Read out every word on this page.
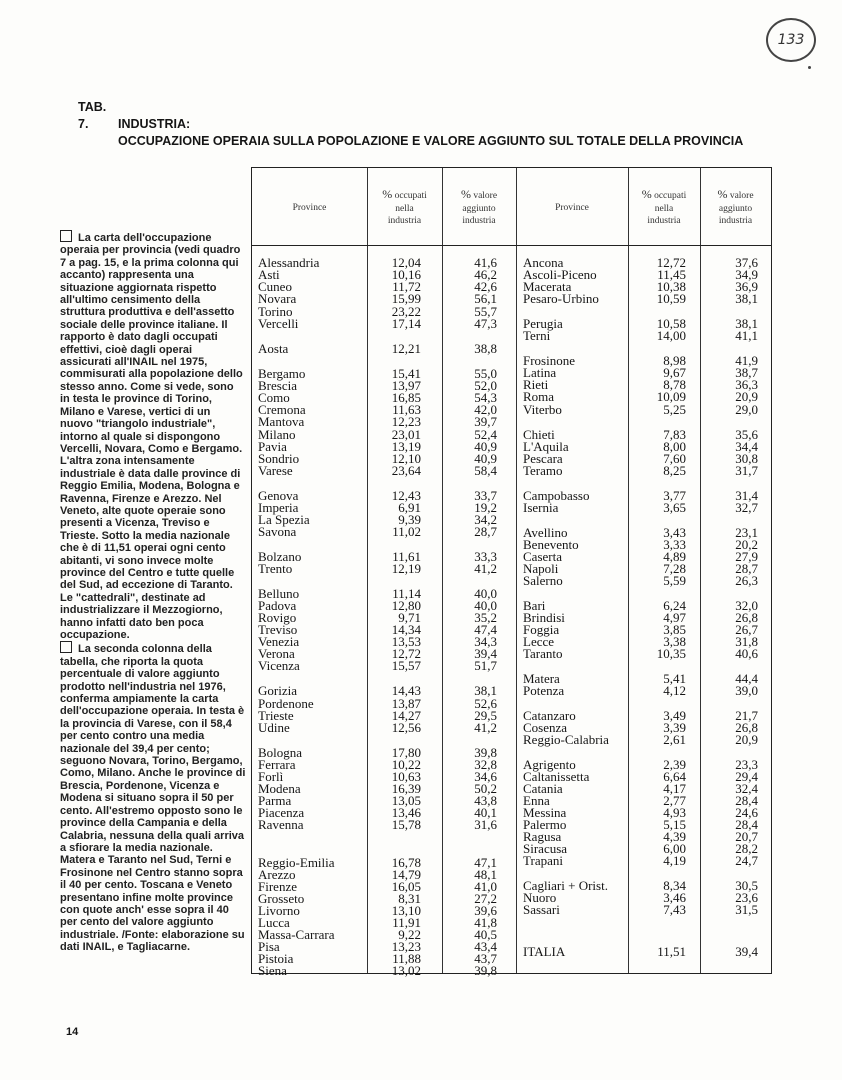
133
TAB. 7. INDUSTRIA:
OCCUPAZIONE OPERAIA SULLA POPOLAZIONE E VALORE AGGIUNTO SUL TOTALE DELLA PROVINCIA

La carta dell'occupazione operaia per provincia (vedi quadro 7 a pag. 15, e la prima colonna qui accanto) rappresenta una situazione aggiornata rispetto all'ultimo censimento della struttura produttiva e dell'assetto sociale delle province italiane. Il rapporto è dato dagli occupati effettivi, cioè dagli operai assicurati all'INAIL nel 1975, commisurati alla popolazione dello stesso anno. Come si vede, sono in testa le province di Torino, Milano e Varese, vertici di un nuovo "triangolo industriale", intorno al quale si dispongono Vercelli, Novara, Como e Bergamo. L'altra zona intensamente industriale è data dalle province di Reggio Emilia, Modena, Bologna e Ravenna, Firenze e Arezzo. Nel Veneto, alte quote operaie sono presenti a Vicenza, Treviso e Trieste. Sotto la media nazionale che è di 11,51 operai ogni cento abitanti, vi sono invece molte province del Centro e tutte quelle del Sud, ad eccezione di Taranto. Le "cattedrali", destinate ad industrializzare il Mezzogiorno, hanno infatti dato ben poca occupazione.

La seconda colonna della tabella, che riporta la quota percentuale di valore aggiunto prodotto nell'industria nel 1976, conferma ampiamente la carta dell'occupazione operaia. In testa è la provincia di Varese, con il 58,4 per cento contro una media nazionale del 39,4 per cento; seguono Novara, Torino, Bergamo, Como, Milano. Anche le province di Brescia, Pordenone, Vicenza e Modena si situano sopra il 50 per cento. All'estremo opposto sono le province della Campania e della Calabria, nessuna della quali arriva a sfiorare la media nazionale. Matera e Taranto nel Sud, Terni e Frosinone nel Centro stanno sopra il 40 per cento. Toscana e Veneto presentano infine molte province con quote anch' esse sopra il 40 per cento del valore aggiunto industriale. /Fonte: elaborazione su dati INAIL, e Tagliacarne.

Province
% occupati
nella
industria
% valore
aggiunto
industria
Province
% occupati
nella
industria
% valore
aggiunto
industria
Alessandria	12,04	41,6
Asti	10,16	46,2
Cuneo	11,72	42,6
Novara	15,99	56,1
Torino	23,22	55,7
Vercelli	17,14	47,3
Aosta	12,21	38,8
Bergamo	15,41	55,0
Brescia	13,97	52,0
Como	16,85	54,3
Cremona	11,63	42,0
Mantova	12,23	39,7
Milano	23,01	52,4
Pavia	13,19	40,9
Sondrio	12,10	40,9
Varese	23,64	58,4
Genova	12,43	33,7
Imperia	6,91	19,2
La Spezia	9,39	34,2
Savona	11,02	28,7
Bolzano	11,61	33,3
Trento	12,19	41,2
Belluno	11,14	40,0
Padova	12,80	40,0
Rovigo	9,71	35,2
Treviso	14,34	47,4
Venezia	13,53	34,3
Verona	12,72	39,4
Vicenza	15,57	51,7
Gorizia	14,43	38,1
Pordenone	13,87	52,6
Trieste	14,27	29,5
Udine	12,56	41,2
Bologna	17,80	39,8
Ferrara	10,22	32,8
Forlì	10,63	34,6
Modena	16,39	50,2
Parma	13,05	43,8
Piacenza	13,46	40,1
Ravenna	15,78	31,6
Reggio-Emilia	16,78	47,1
Arezzo	14,79	48,1
Firenze	16,05	41,0
Grosseto	8,31	27,2
Livorno	13,10	39,6
Lucca	11,91	41,8
Massa-Carrara	9,22	40,5
Pisa	13,23	43,4
Pistoia	11,88	43,7
Siena	13,02	39,8
Ancona	12,72	37,6
Ascoli-Piceno	11,45	34,9
Macerata	10,38	36,9
Pesaro-Urbino	10,59	38,1
Perugia	10,58	38,1
Terni	14,00	41,1
Frosinone	8,98	41,9
Latina	9,67	38,7
Rieti	8,78	36,3
Roma	10,09	20,9
Viterbo	5,25	29,0
Chieti	7,83	35,6
L'Aquila	8,00	34,4
Pescara	7,60	30,8
Teramo	8,25	31,7
Campobasso	3,77	31,4
Isernia	3,65	32,7
Avellino	3,43	23,1
Benevento	3,33	20,2
Caserta	4,89	27,9
Napoli	7,28	28,7
Salerno	5,59	26,3
Bari	6,24	32,0
Brindisi	4,97	26,8
Foggia	3,85	26,7
Lecce	3,38	31,8
Taranto	10,35	40,6
Matera	5,41	44,4
Potenza	4,12	39,0
Catanzaro	3,49	21,7
Cosenza	3,39	26,8
Reggio-Calabria	2,61	20,9
Agrigento	2,39	23,3
Caltanissetta	6,64	29,4
Catania	4,17	32,4
Enna	2,77	28,4
Messina	4,93	24,6
Palermo	5,15	28,4
Ragusa	4,39	20,7
Siracusa	6,00	28,2
Trapani	4,19	24,7
Cagliari + Orist.	8,34	30,5
Nuoro	3,46	23,6
Sassari	7,43	31,5
ITALIA	11,51	39,4
14
